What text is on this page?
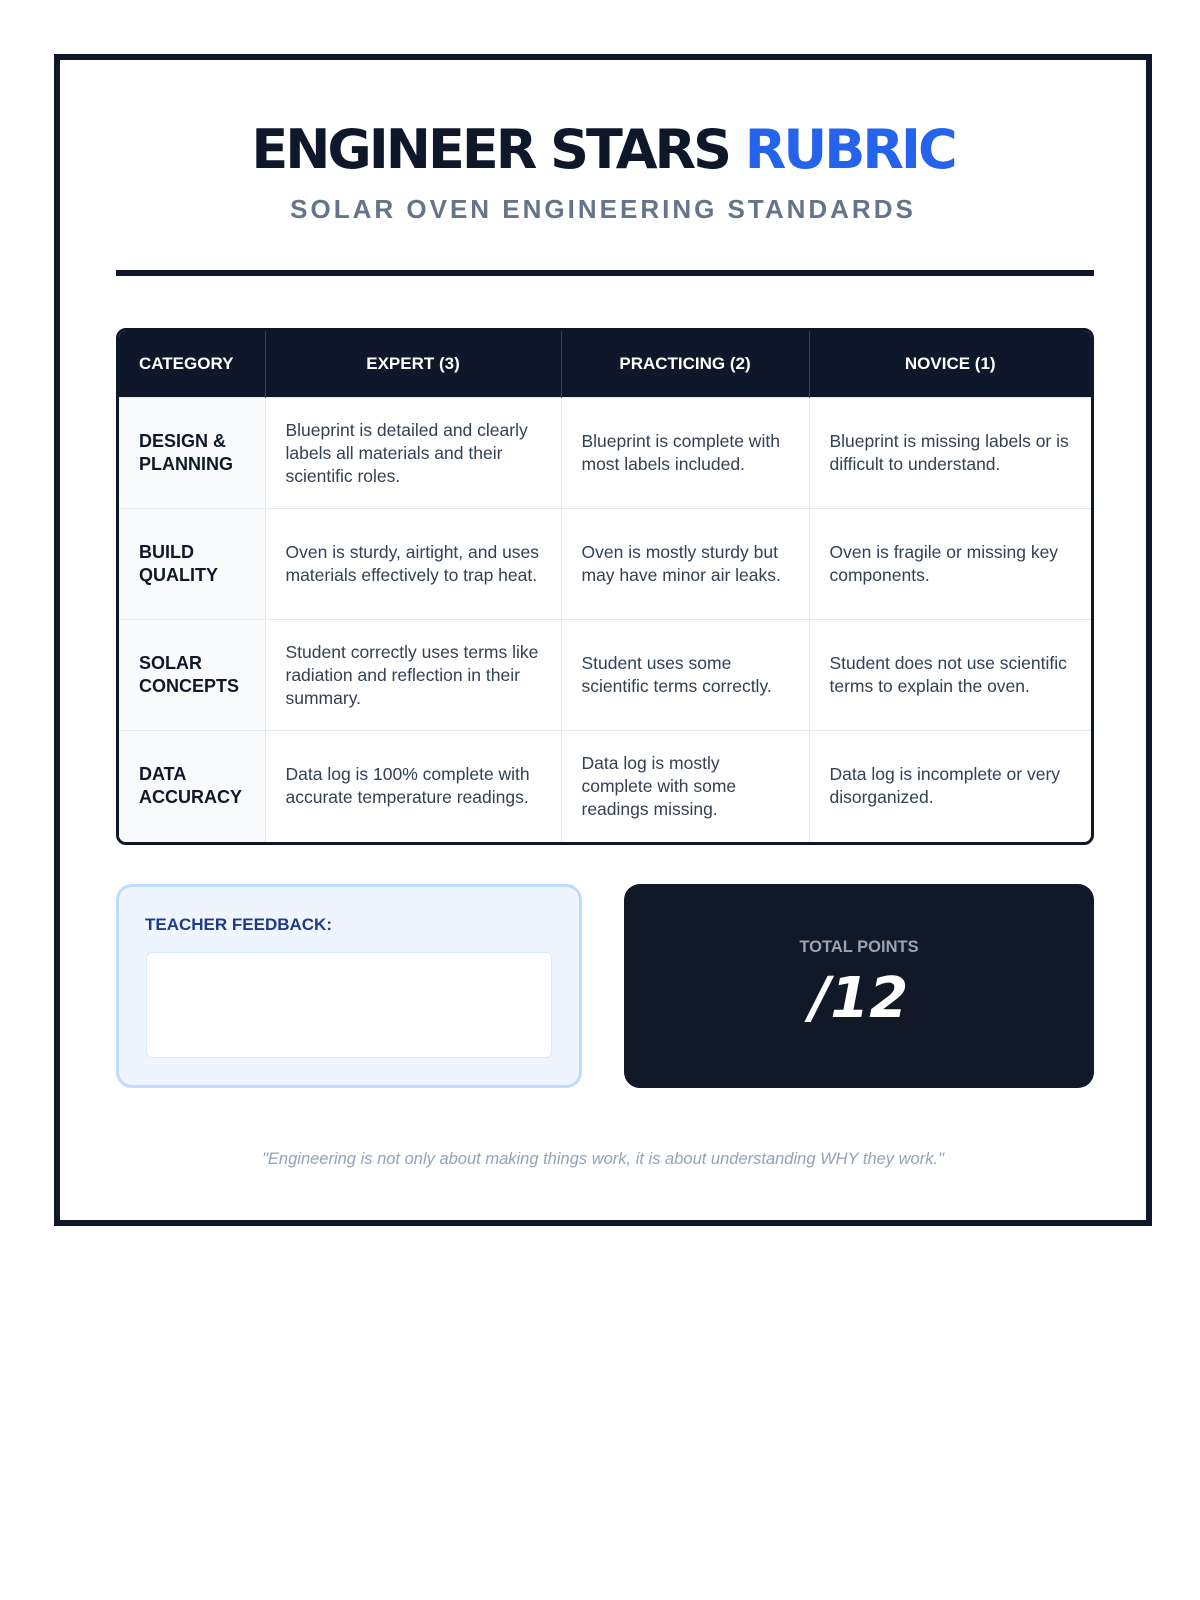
ENGINEER STARS RUBRIC
SOLAR OVEN ENGINEERING STANDARDS
CATEGORY	EXPERT (3)	PRACTICING (2)	NOVICE (1)
DESIGN & PLANNING	Blueprint is detailed and clearly labels all materials and their scientific roles.	Blueprint is complete with most labels included.	Blueprint is missing labels or is difficult to understand.
BUILD QUALITY	Oven is sturdy, airtight, and uses materials effectively to trap heat.	Oven is mostly sturdy but may have minor air leaks.	Oven is fragile or missing key components.
SOLAR CONCEPTS	Student correctly uses terms like radiation and reflection in their summary.	Student uses some scientific terms correctly.	Student does not use scientific terms to explain the oven.
DATA ACCURACY	Data log is 100% complete with accurate temperature readings.	Data log is mostly complete with some readings missing.	Data log is incomplete or very disorganized.
TEACHER FEEDBACK:
TOTAL POINTS
/12
"Engineering is not only about making things work, it is about understanding WHY they work."
